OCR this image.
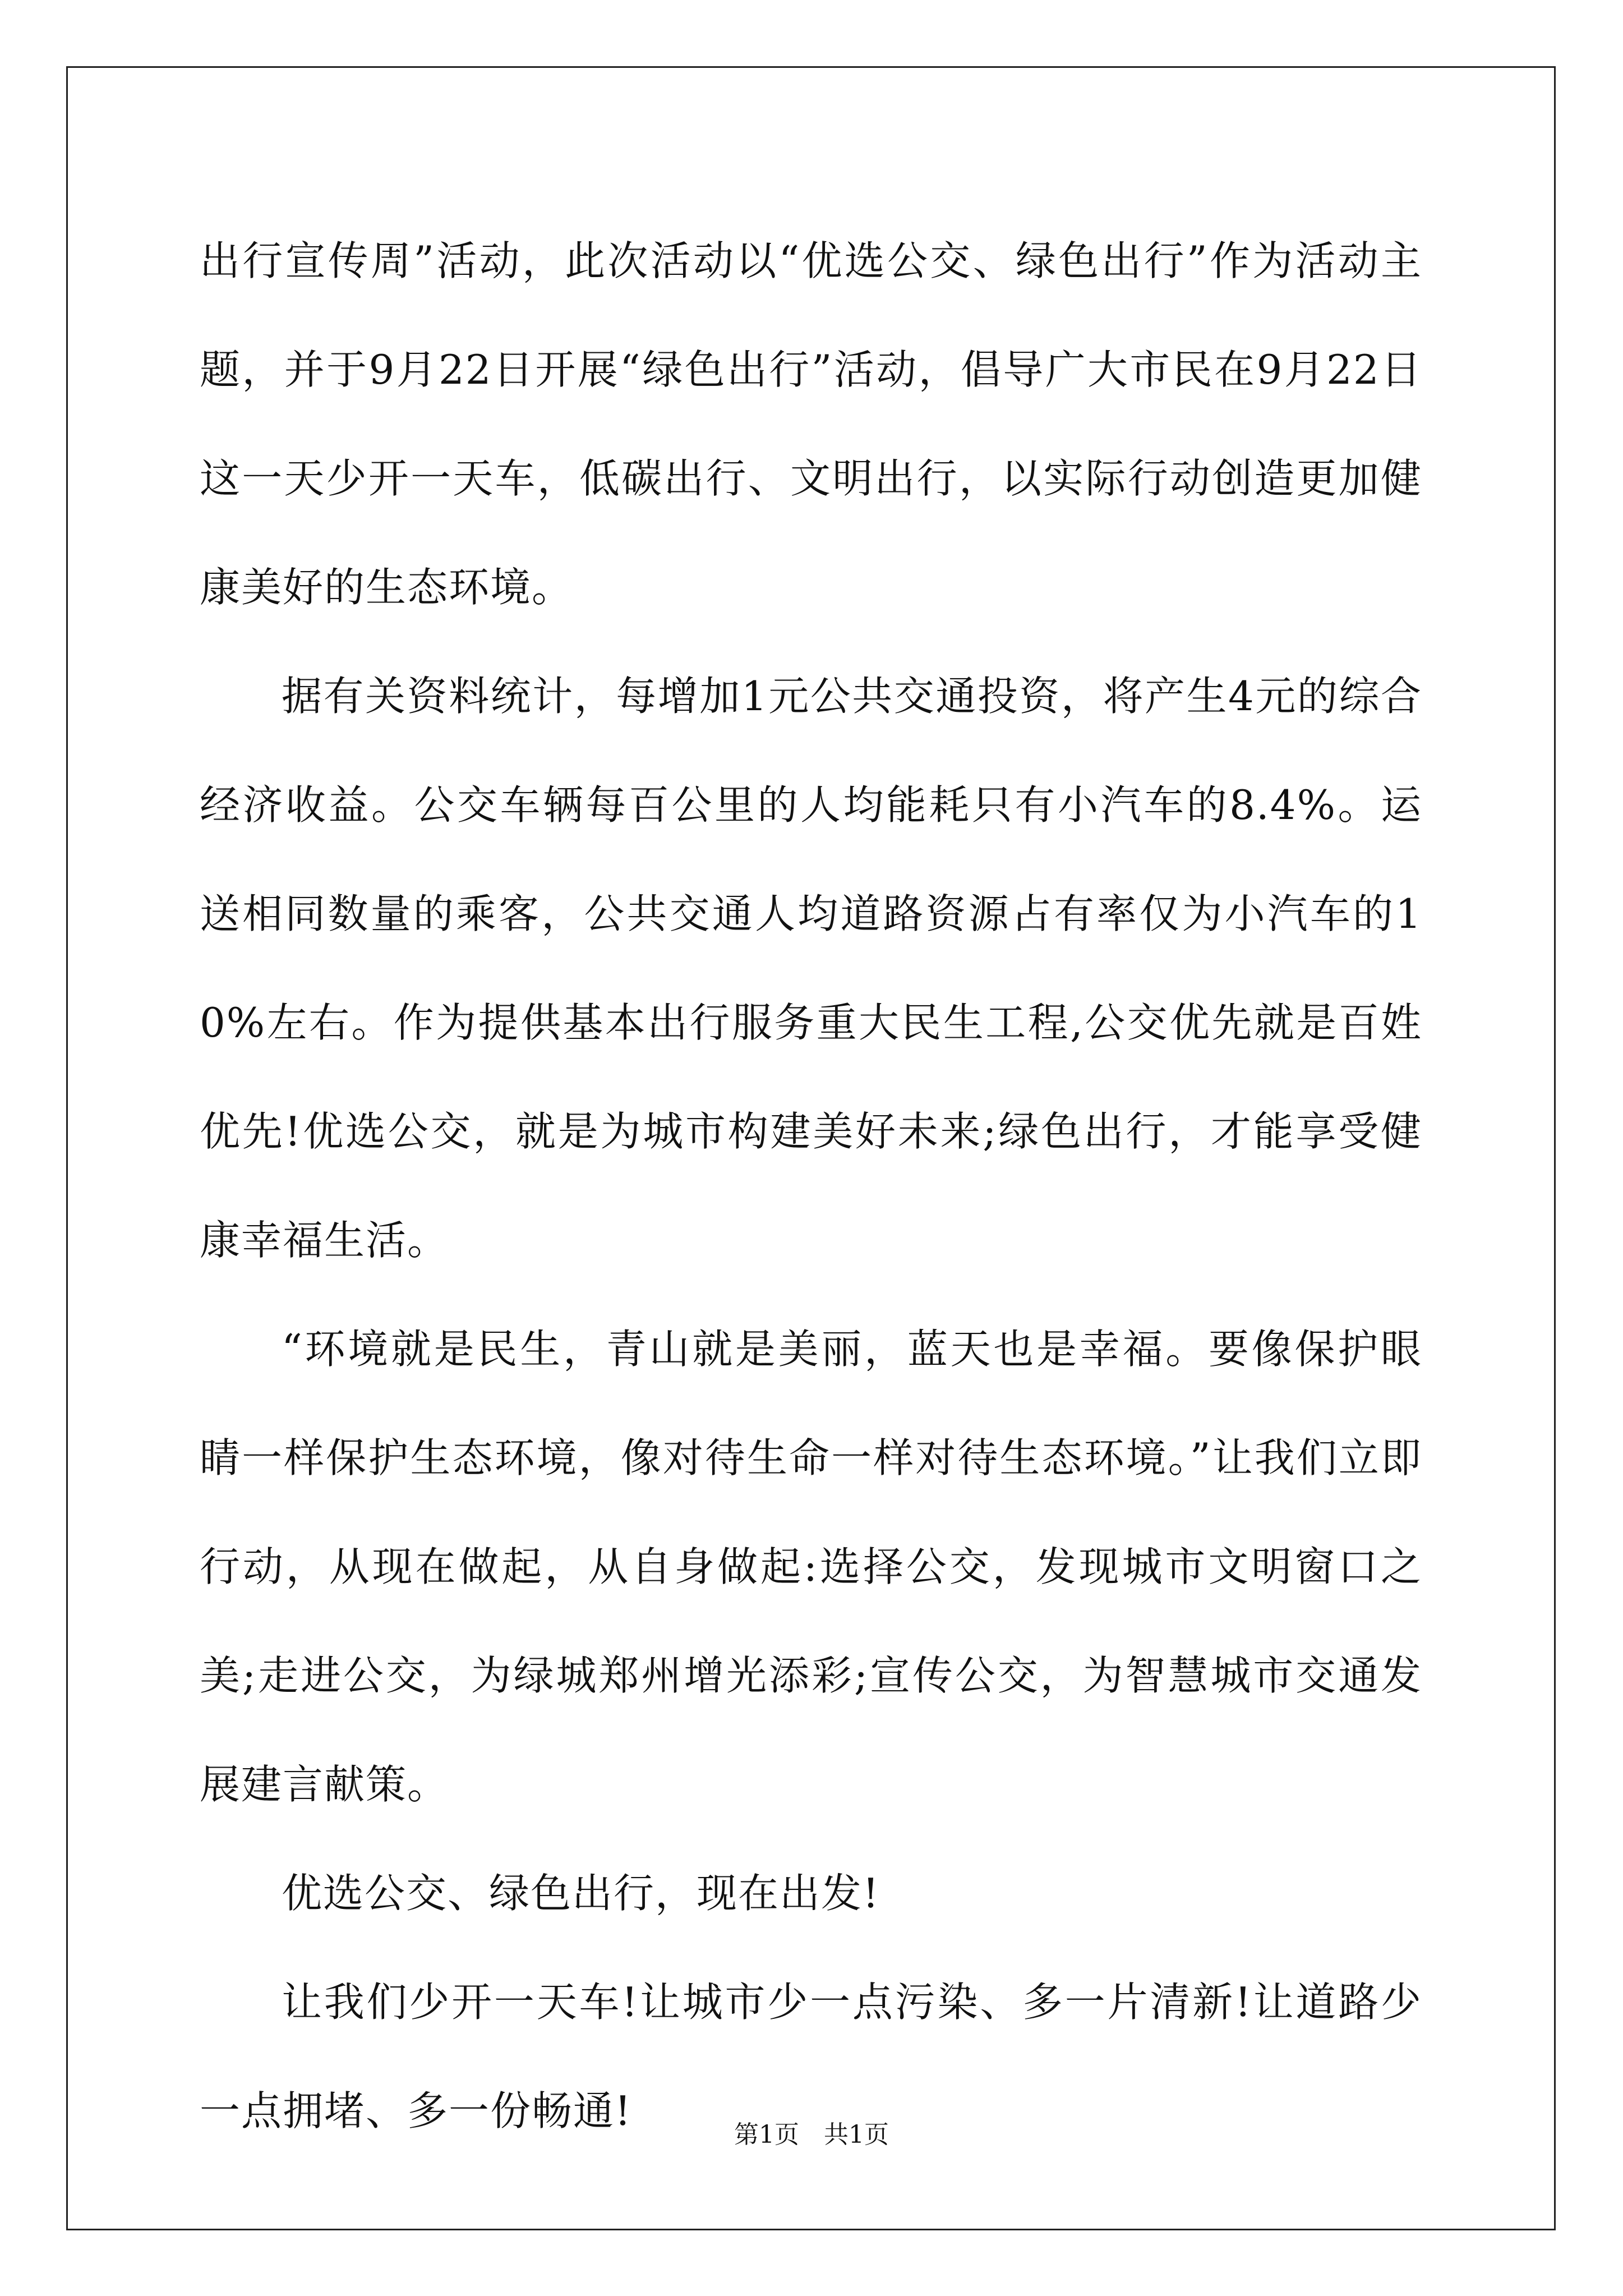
出行宣传周”活动，此次活动以“优选公交、绿色出行”作为活动主题，并于9月22日开展“绿色出行”活动，倡导广大市民在9月22日这一天少开一天车，低碳出行、文明出行，以实际行动创造更加健康美好的生态环境。

据有关资料统计，每增加1元公共交通投资，将产生4元的综合经济收益。公交车辆每百公里的人均能耗只有小汽车的8.4%。运送相同数量的乘客，公共交通人均道路资源占有率仅为小汽车的10%左右。作为提供基本出行服务重大民生工程,公交优先就是百姓优先!优选公交，就是为城市构建美好未来;绿色出行，才能享受健康幸福生活。

“环境就是民生，青山就是美丽，蓝天也是幸福。要像保护眼睛一样保护生态环境，像对待生命一样对待生态环境。”让我们立即行动，从现在做起，从自身做起:选择公交，发现城市文明窗口之美;走进公交，为绿城郑州增光添彩;宣传公交，为智慧城市交通发展建言献策。

优选公交、绿色出行，现在出发!

让我们少开一天车!让城市少一点污染、多一片清新!让道路少一点拥堵、多一份畅通!

第1页　共1页
